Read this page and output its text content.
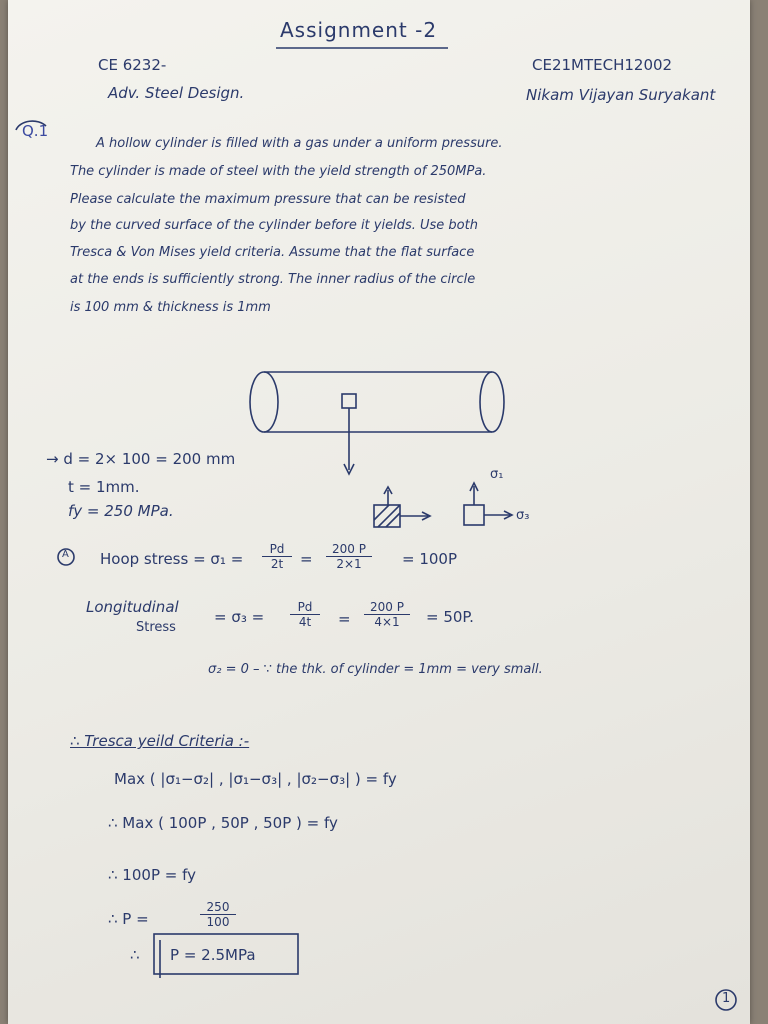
Assignment -2
CE 6232-
Adv. Steel Design.
CE21MTECH12002
Nikam Vijayan Suryakant
Q.1
A hollow cylinder is filled with a gas under a uniform pressure.
The cylinder is made of steel with the yield strength of 250MPa.
Please calculate the maximum pressure that can be resisted
by the curved surface of the cylinder before it yields. Use both
Tresca & Von Mises yield criteria. Assume that the flat surface
at the ends is sufficiently strong. The inner radius of the circle
is 100 mm & thickness is 1mm
σ₁
σ₃
→ d = 2× 100 = 200 mm
t = 1mm.
fy = 250 MPa.
A Hoop stress = $\sigma_1 = \frac{Pd}{2t} = \frac{200 P}{2\times 1} = 100P$
Longitudinal
Stress
= $\sigma_3 = \frac{Pd}{4t} = \frac{200 P}{4\times 1} = 50P$.
σ₂ = 0 – ∵ the thk. of cylinder = 1mm = very small.
∴ Tresca yeild Criteria :-
Max ( |σ₁−σ₂| , |σ₁−σ₃| , |σ₂−σ₃| ) = fy
∴ Max ( 100P , 50P , 50P ) = fy
∴ 100P = fy
∴ P =	$\frac{250}{100}$
∴ P = 2.5MPa
1
